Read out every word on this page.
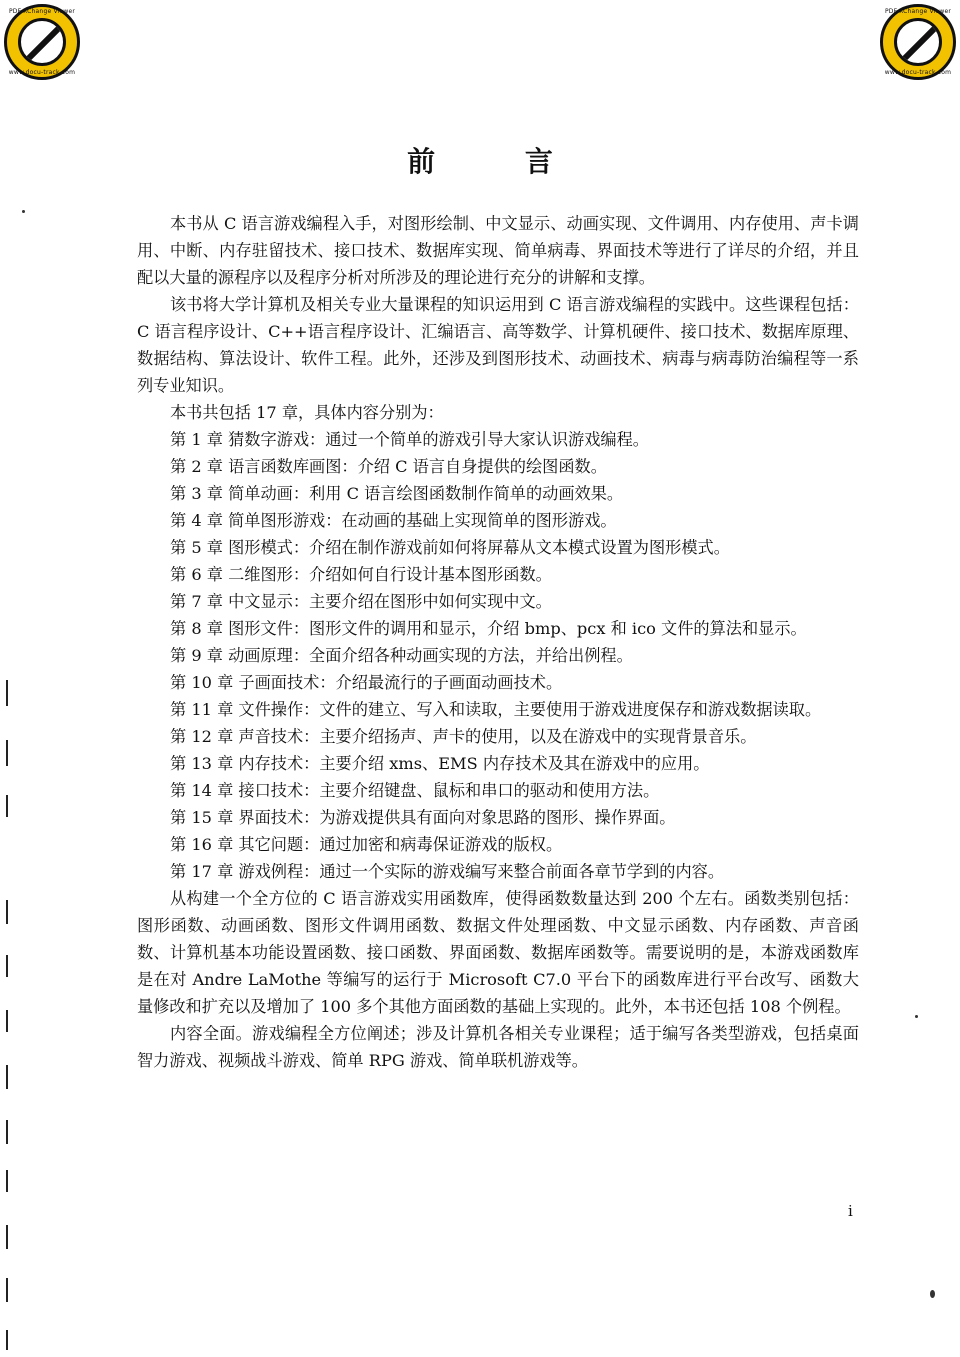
PDF-XChange Viewer
www.docu-track.com
PDF-XChange Viewer
www.docu-track.com
前 言

本书从 C 语言游戏编程入手，对图形绘制、中文显示、动画实现、文件调用、内存使用、声卡调用、中断、内存驻留技术、接口技术、数据库实现、简单病毒、界面技术等进行了详尽的介绍，并且配以大量的源程序以及程序分析对所涉及的理论进行充分的讲解和支撑。

该书将大学计算机及相关专业大量课程的知识运用到 C 语言游戏编程的实践中。这些课程包括：C 语言程序设计、C++语言程序设计、汇编语言、高等数学、计算机硬件、接口技术、数据库原理、数据结构、算法设计、软件工程。此外，还涉及到图形技术、动画技术、病毒与病毒防治编程等一系列专业知识。

本书共包括 17 章，具体内容分别为：

第 1 章 猜数字游戏：通过一个简单的游戏引导大家认识游戏编程。

第 2 章 语言函数库画图：介绍 C 语言自身提供的绘图函数。

第 3 章 简单动画：利用 C 语言绘图函数制作简单的动画效果。

第 4 章 简单图形游戏：在动画的基础上实现简单的图形游戏。

第 5 章 图形模式：介绍在制作游戏前如何将屏幕从文本模式设置为图形模式。

第 6 章 二维图形：介绍如何自行设计基本图形函数。

第 7 章 中文显示：主要介绍在图形中如何实现中文。

第 8 章 图形文件：图形文件的调用和显示，介绍 bmp、pcx 和 ico 文件的算法和显示。

第 9 章 动画原理：全面介绍各种动画实现的方法，并给出例程。

第 10 章 子画面技术：介绍最流行的子画面动画技术。

第 11 章 文件操作：文件的建立、写入和读取，主要使用于游戏进度保存和游戏数据读取。

第 12 章 声音技术：主要介绍扬声、声卡的使用，以及在游戏中的实现背景音乐。

第 13 章 内存技术：主要介绍 xms、EMS 内存技术及其在游戏中的应用。

第 14 章 接口技术：主要介绍键盘、鼠标和串口的驱动和使用方法。

第 15 章 界面技术：为游戏提供具有面向对象思路的图形、操作界面。

第 16 章 其它问题：通过加密和病毒保证游戏的版权。

第 17 章 游戏例程：通过一个实际的游戏编写来整合前面各章节学到的内容。

从构建一个全方位的 C 语言游戏实用函数库，使得函数数量达到 200 个左右。函数类别包括：图形函数、动画函数、图形文件调用函数、数据文件处理函数、中文显示函数、内存函数、声音函数、计算机基本功能设置函数、接口函数、界面函数、数据库函数等。需要说明的是，本游戏函数库是在对 Andre LaMothe 等编写的运行于 Microsoft C7.0 平台下的函数库进行平台改写、函数大量修改和扩充以及增加了 100 多个其他方面函数的基础上实现的。此外，本书还包括 108 个例程。

内容全面。游戏编程全方位阐述；涉及计算机各相关专业课程；适于编写各类型游戏，包括桌面智力游戏、视频战斗游戏、简单 RPG 游戏、简单联机游戏等。

i
